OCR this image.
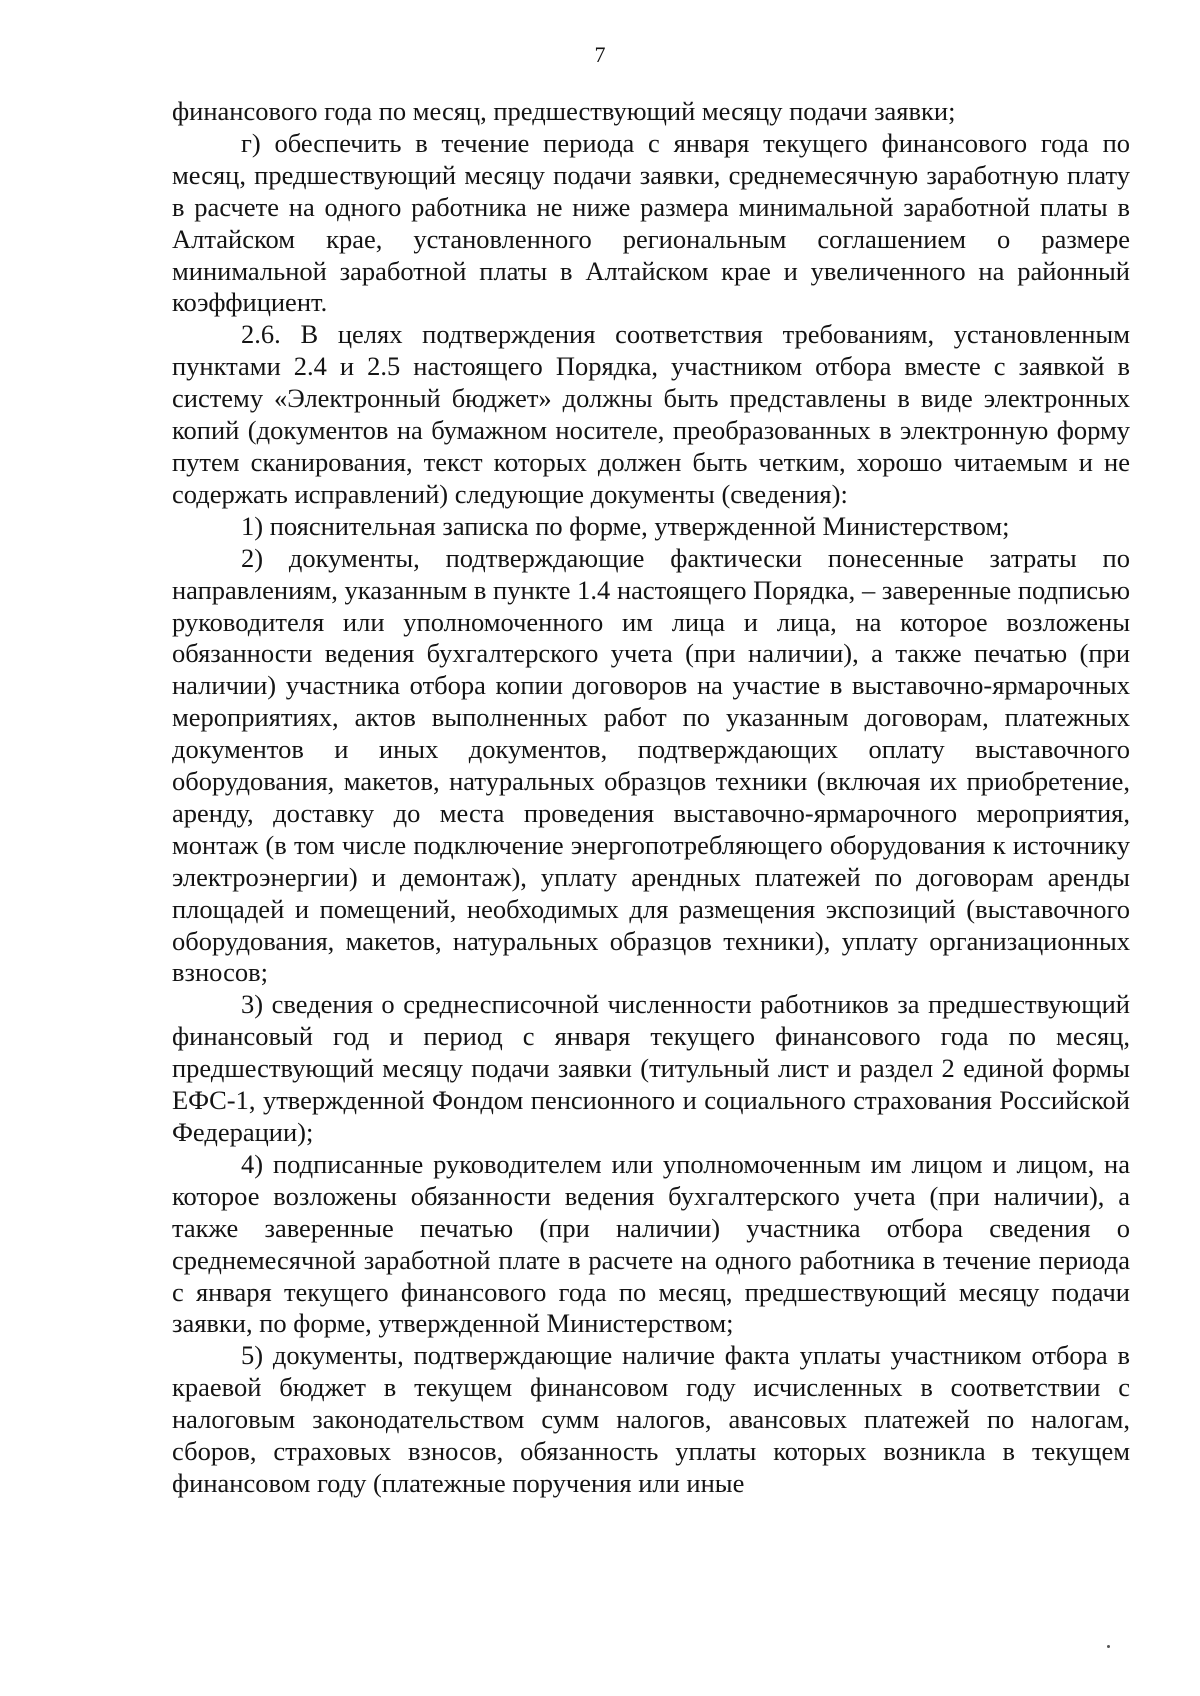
7

финансового года по месяц, предшествующий месяцу подачи заявки;

г) обеспечить в течение периода с января текущего финансового года по месяц, предшествующий месяцу подачи заявки, среднемесячную заработную плату в расчете на одного работника не ниже размера минимальной заработной платы в Алтайском крае, установленного региональным соглашением о размере минимальной заработной платы в Алтайском крае и увеличенного на районный коэффициент.

2.6. В целях подтверждения соответствия требованиям, установленным пунктами 2.4 и 2.5 настоящего Порядка, участником отбора вместе с заявкой в систему «Электронный бюджет» должны быть представлены в виде электронных копий (документов на бумажном носителе, преобразованных в электронную форму путем сканирования, текст которых должен быть четким, хорошо читаемым и не содержать исправлений) следующие документы (сведения):

1) пояснительная записка по форме, утвержденной Министерством;

2) документы, подтверждающие фактически понесенные затраты по направлениям, указанным в пункте 1.4 настоящего Порядка, – заверенные подписью руководителя или уполномоченного им лица и лица, на которое возложены обязанности ведения бухгалтерского учета (при наличии), а также печатью (при наличии) участника отбора копии договоров на участие в выставочно-ярмарочных мероприятиях, актов выполненных работ по указанным договорам, платежных документов и иных документов, подтверждающих оплату выставочного оборудования, макетов, натуральных образцов техники (включая их приобретение, аренду, доставку до места проведения выставочно-ярмарочного мероприятия, монтаж (в том числе подключение энергопотребляющего оборудования к источнику электроэнергии) и демонтаж), уплату арендных платежей по договорам аренды площадей и помещений, необходимых для размещения экспозиций (выставочного оборудования, макетов, натуральных образцов техники), уплату организационных взносов;

3) сведения о среднесписочной численности работников за предшествующий финансовый год и период с января текущего финансового года по месяц, предшествующий месяцу подачи заявки (титульный лист и раздел 2 единой формы ЕФС-1, утвержденной Фондом пенсионного и социального страхования Российской Федерации);

4) подписанные руководителем или уполномоченным им лицом и лицом, на которое возложены обязанности ведения бухгалтерского учета (при наличии), а также заверенные печатью (при наличии) участника отбора сведения о среднемесячной заработной плате в расчете на одного работника в течение периода с января текущего финансового года по месяц, предшествующий месяцу подачи заявки, по форме, утвержденной Министерством;

5) документы, подтверждающие наличие факта уплаты участником отбора в краевой бюджет в текущем финансовом году исчисленных в соответствии с налоговым законодательством сумм налогов, авансовых платежей по налогам, сборов, страховых взносов, обязанность уплаты которых возникла в текущем финансовом году (платежные поручения или иные
